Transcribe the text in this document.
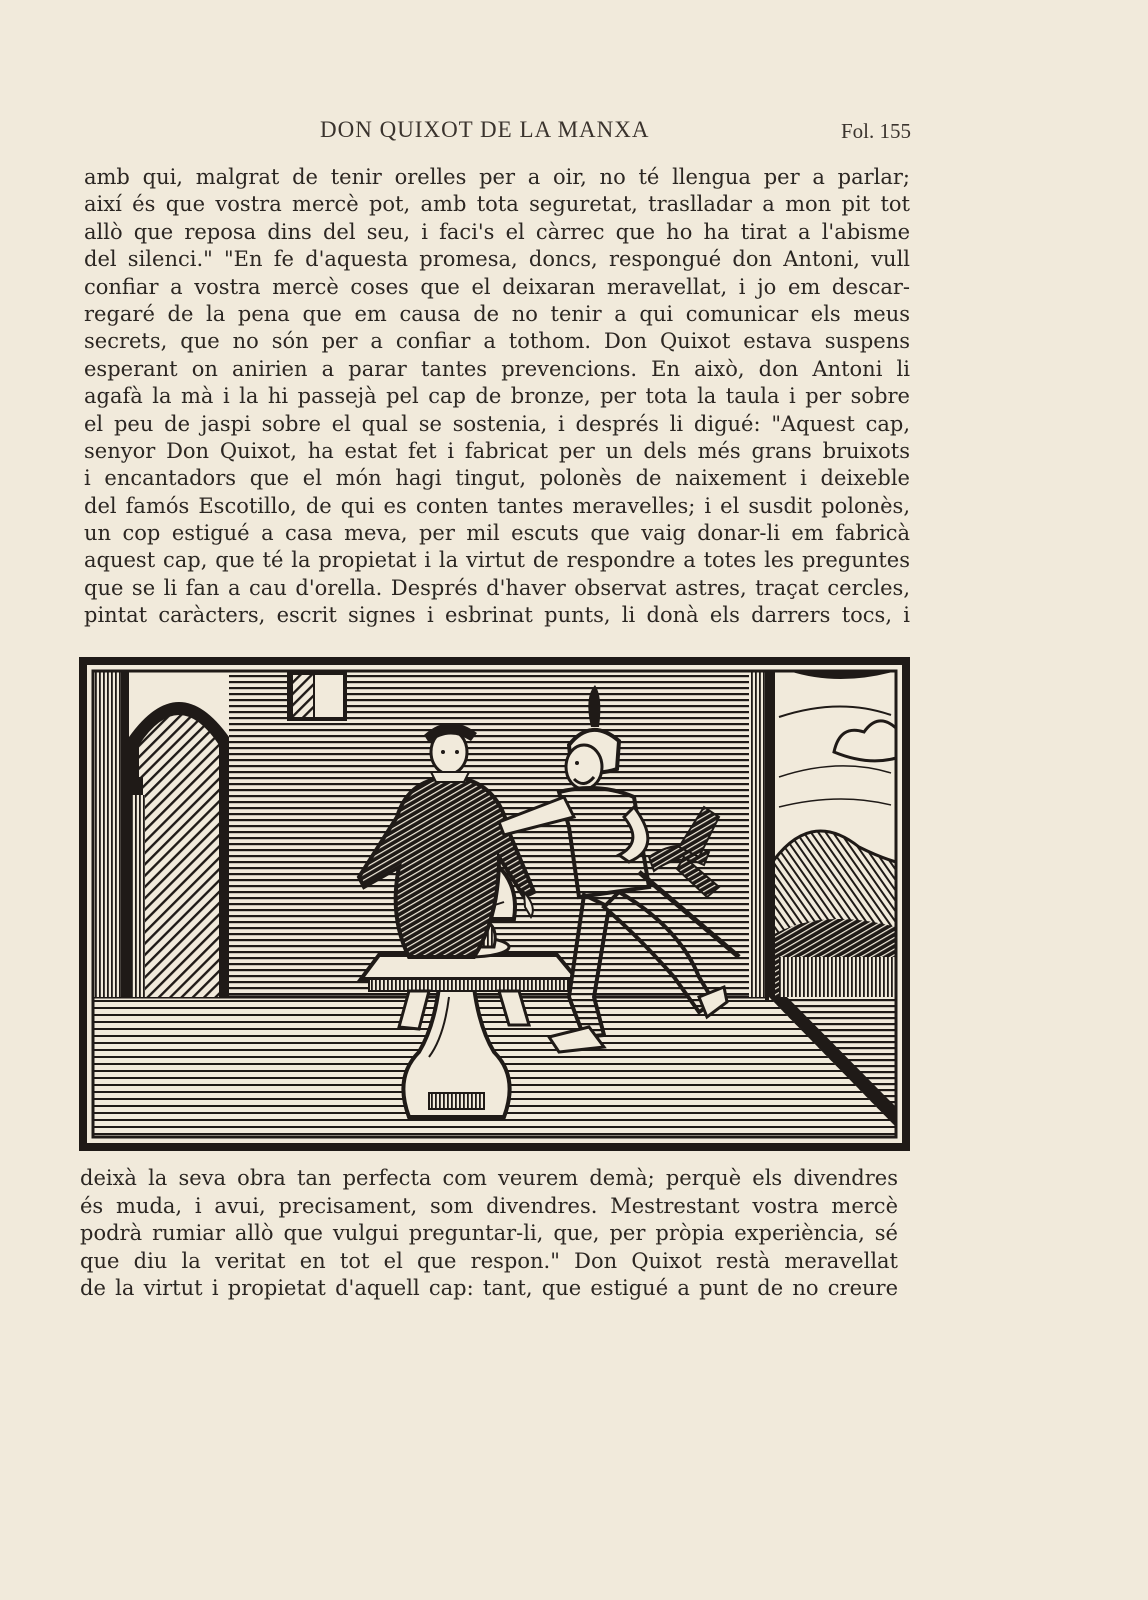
DON QUIXOT DE LA MANXA	Fol. 155
amb qui, malgrat de tenir orelles per a oir, no té llengua per a parlar;
així és que vostra mercè pot, amb tota seguretat, traslladar a mon pit tot
allò que reposa dins del seu, i faci's el càrrec que ho ha tirat a l'abisme
del silenci." "En fe d'aquesta promesa, doncs, respongué don Antoni, vull
confiar a vostra mercè coses que el deixaran meravellat, i jo em descar-
regaré de la pena que em causa de no tenir a qui comunicar els meus
secrets, que no són per a confiar a tothom. Don Quixot estava suspens
esperant on anirien a parar tantes prevencions. En això, don Antoni li
agafà la mà i la hi passejà pel cap de bronze, per tota la taula i per sobre
el peu de jaspi sobre el qual se sostenia, i després li digué: "Aquest cap,
senyor Don Quixot, ha estat fet i fabricat per un dels més grans bruixots
i encantadors que el món hagi tingut, polonès de naixement i deixeble
del famós Escotillo, de qui es conten tantes meravelles; i el susdit polonès,
un cop estigué a casa meva, per mil escuts que vaig donar-li em fabricà
aquest cap, que té la propietat i la virtut de respondre a totes les preguntes
que se li fan a cau d'orella. Després d'haver observat astres, traçat cercles,
pintat caràcters, escrit signes i esbrinat punts, li donà els darrers tocs, i
deixà la seva obra tan perfecta com veurem demà; perquè els divendres
és muda, i avui, precisament, som divendres. Mestrestant vostra mercè
podrà rumiar allò que vulgui preguntar-li, que, per pròpia experiència, sé
que diu la veritat en tot el que respon." Don Quixot restà meravellat
de la virtut i propietat d'aquell cap: tant, que estigué a punt de no creure
